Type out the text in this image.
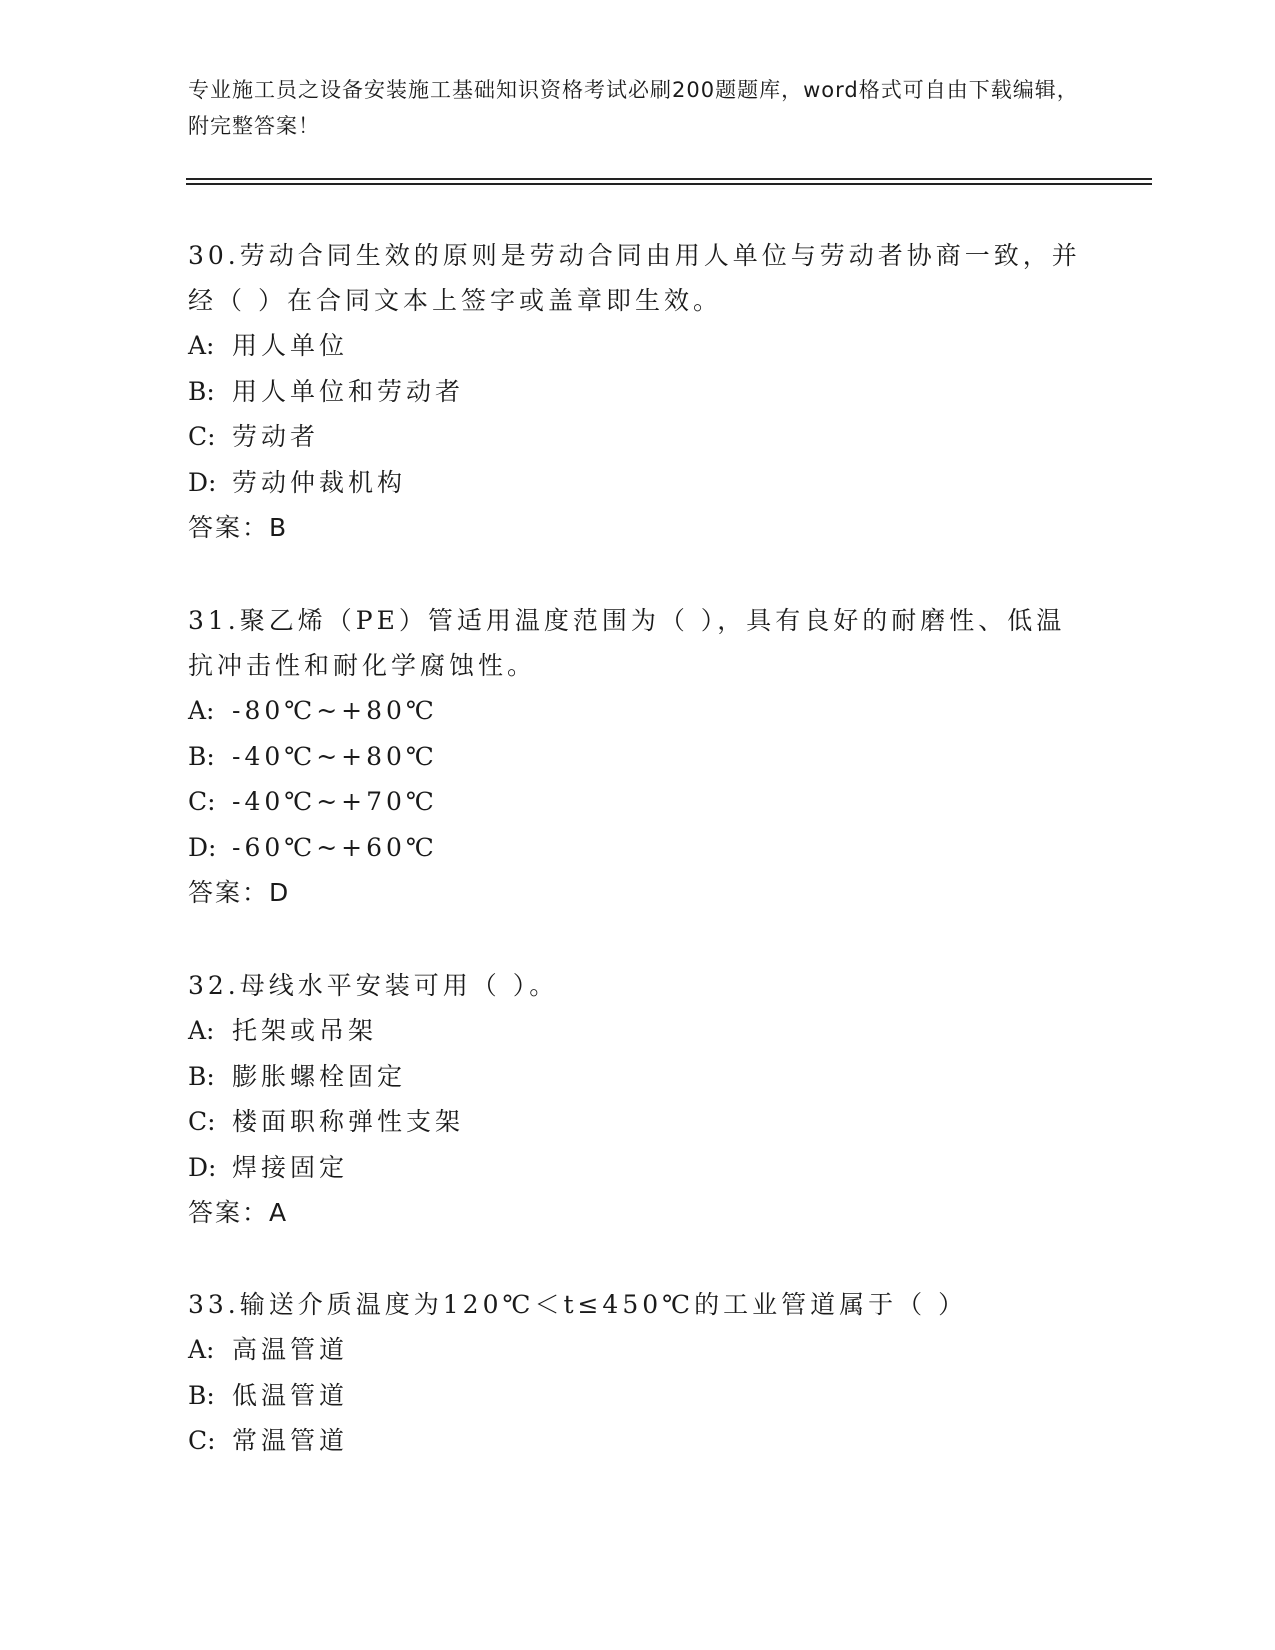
专业施工员之设备安装施工基础知识资格考试必刷200题题库，word格式可自由下载编辑，附完整答案！

30.劳动合同生效的原则是劳动合同由用人单位与劳动者协商一致，并经（ ）在合同文本上签字或盖章即生效。

A: 用人单位
B: 用人单位和劳动者
C: 劳动者
D: 劳动仲裁机构
答案：B

31.聚乙烯（PE）管适用温度范围为（ ），具有良好的耐磨性、低温抗冲击性和耐化学腐蚀性。

A: -80℃~+80℃
B: -40℃~+80℃
C: -40℃~+70℃
D: -60℃~+60℃
答案：D

32.母线水平安装可用（ ）。

A: 托架或吊架
B: 膨胀螺栓固定
C: 楼面职称弹性支架
D: 焊接固定
答案：A

33.输送介质温度为120℃＜t≤450℃的工业管道属于（ ）

A: 高温管道
B: 低温管道
C: 常温管道
